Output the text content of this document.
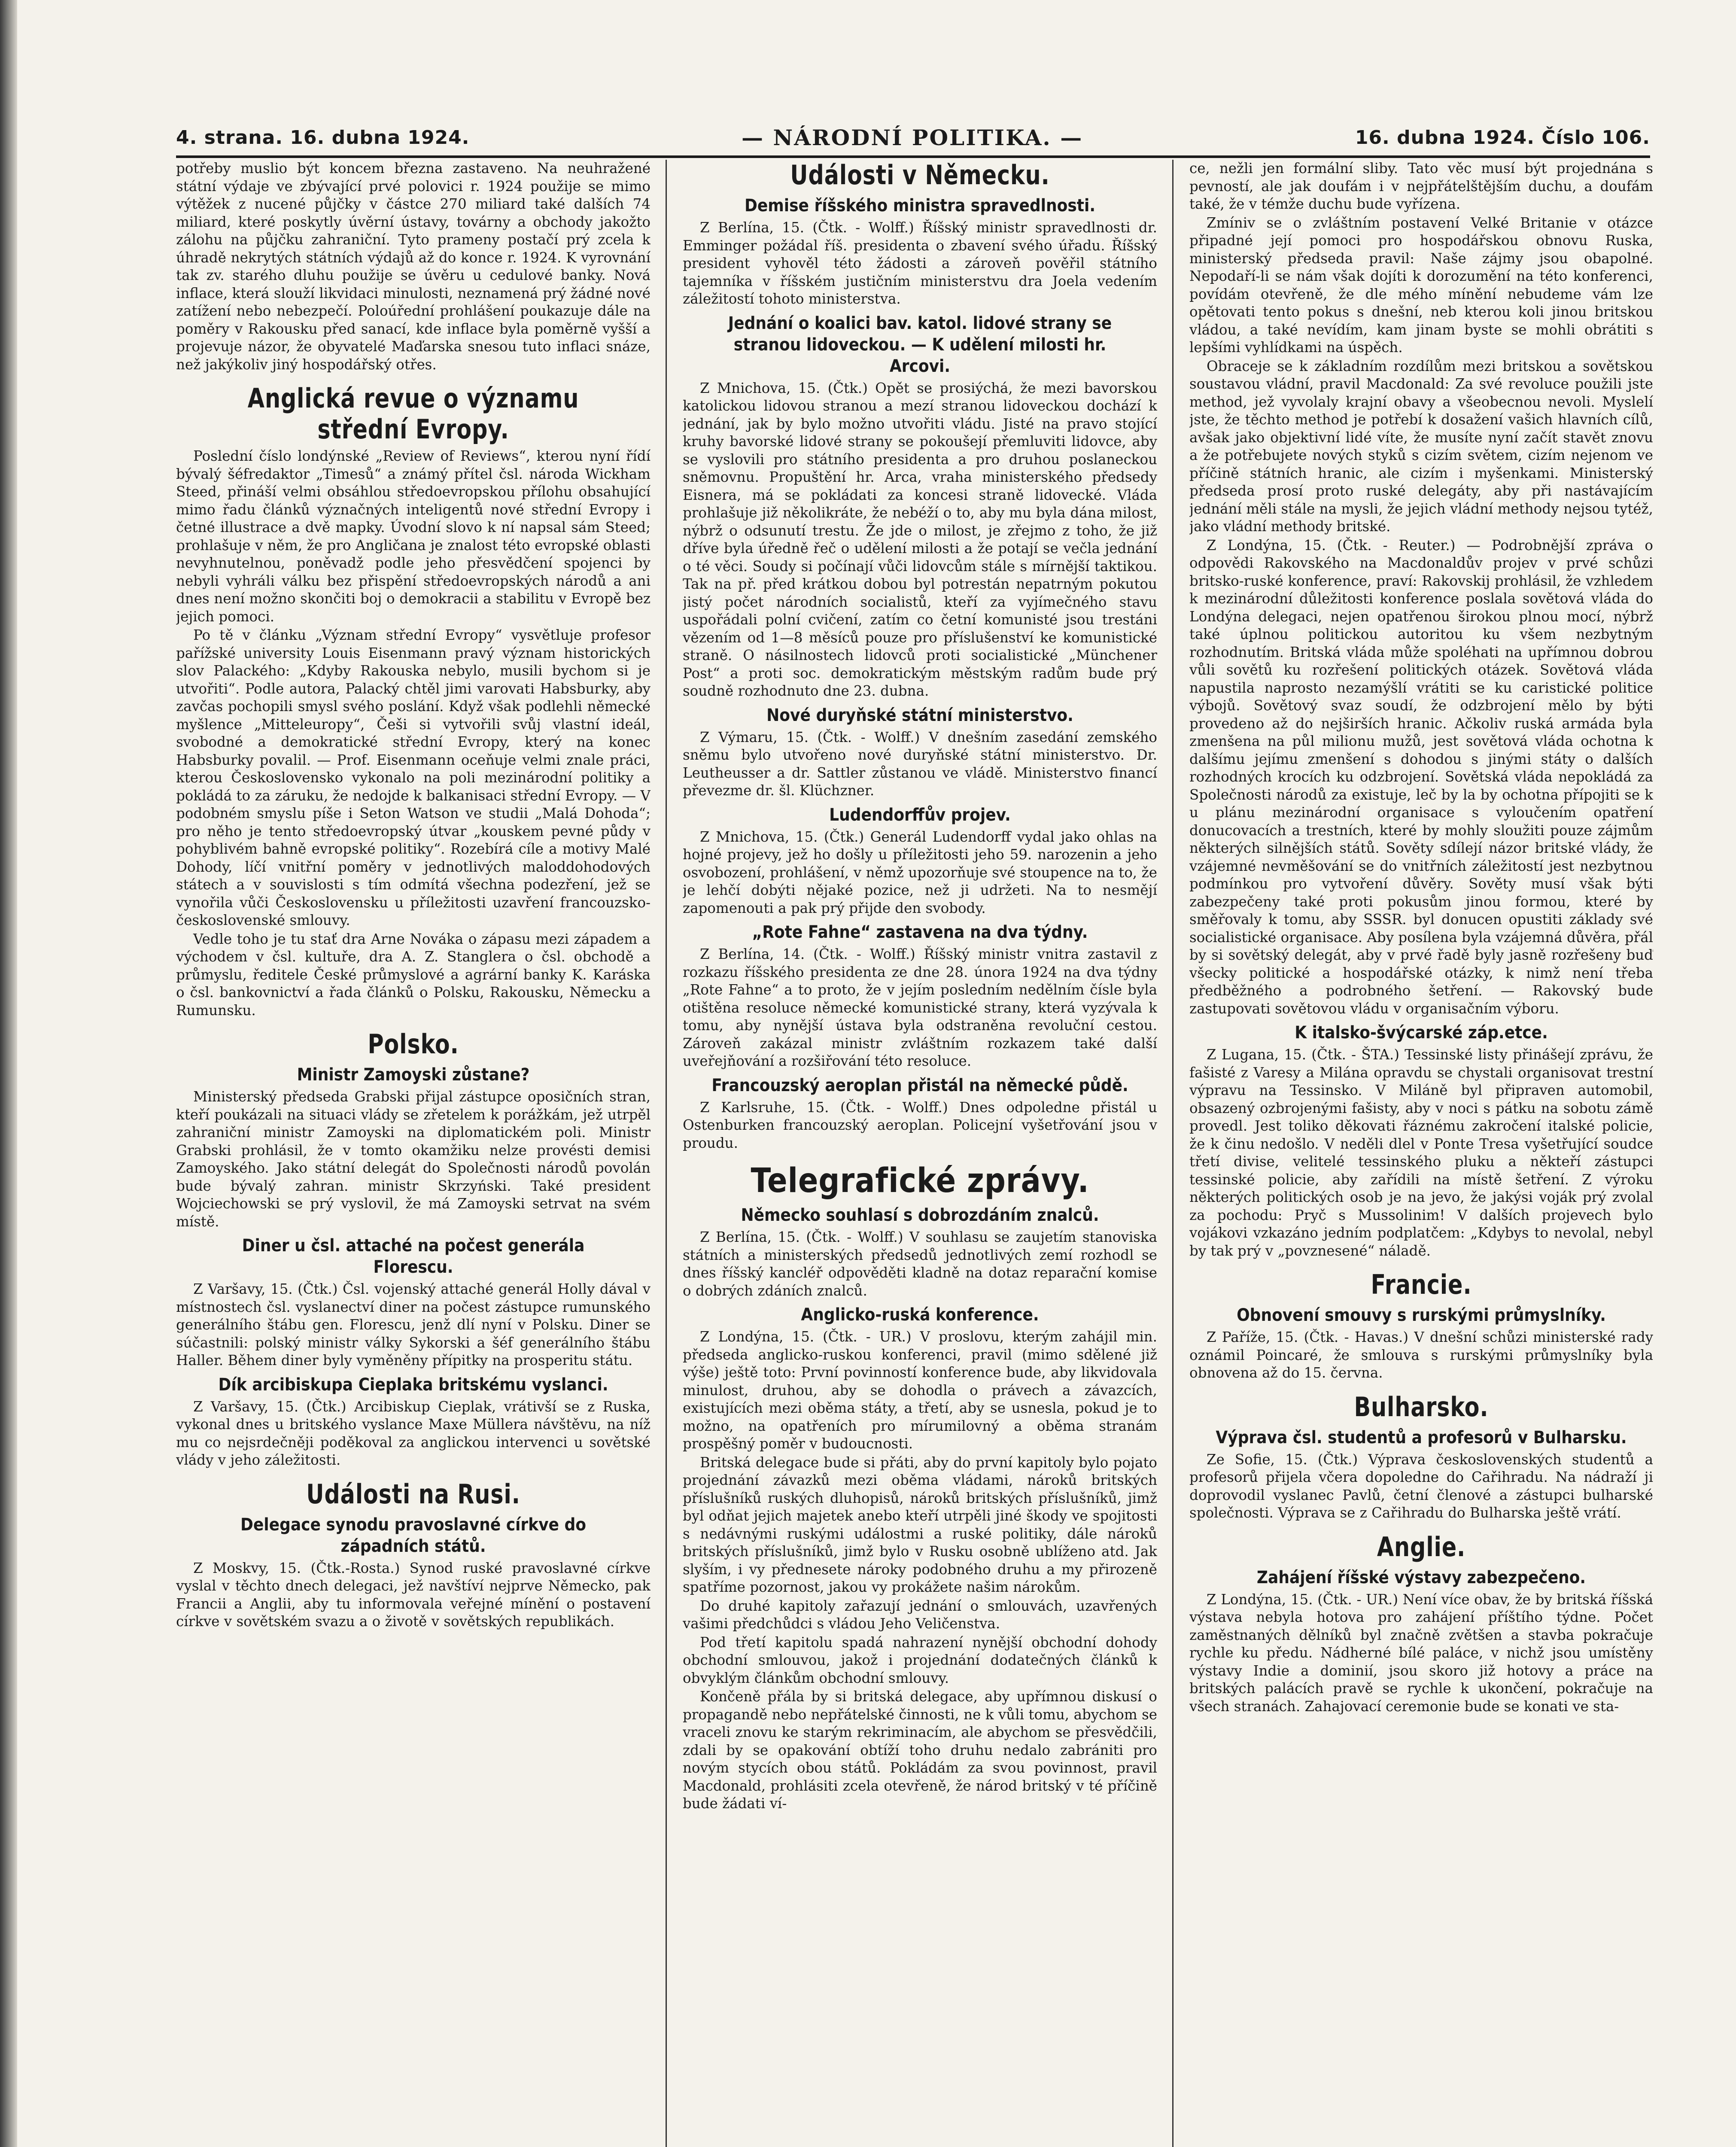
4. strana. 16. dubna 1924.	— NÁRODNÍ POLITIKA. —	16. dubna 1924. Číslo 106.

potřeby muslio být koncem března zastaveno. Na neuhražené státní výdaje ve zbývající prvé polovici r. 1924 použije se mimo výtěžek z nucené půjčky v částce 270 miliard také dalších 74 miliard, které poskytly úvěrní ústavy, továrny a obchody jakožto zálohu na půjčku zahraniční. Tyto prameny postačí prý zcela k úhradě nekrytých státních výdajů až do konce r. 1924. K vyrovnání tak zv. starého dluhu použije se úvěru u cedulové banky. Nová inflace, která slouží likvidaci minulosti, neznamená prý žádné nové zatížení nebo nebezpečí. Poloúřední prohlášení poukazuje dále na poměry v Rakousku před sanací, kde inflace byla poměrně vyšší a projevuje názor, že obyvatelé Maďarska snesou tuto inflaci snáze, než jakýkoliv jiný hospodářský otřes.

Anglická revue o významu střední Evropy.

Poslední číslo londýnské „Review of Reviews“, kterou nyní řídí bývalý šéfredaktor „Timesů“ a známý přítel čsl. národa Wickham Steed, přináší velmi obsáhlou středoevropskou přílohu obsahující mimo řadu článků význačných inteligentů nové střední Evropy i četné illustrace a dvě mapky. Úvodní slovo k ní napsal sám Steed; prohlašuje v něm, že pro Angličana je znalost této evropské oblasti nevyhnutelnou, poněvadž podle jeho přesvědčení spojenci by nebyli vyhráli válku bez přispění středoevropských národů a ani dnes není možno skončiti boj o demokracii a stabilitu v Evropě bez jejich pomoci.

Po tě v článku „Význam střední Evropy“ vysvětluje profesor pařížské university Louis Eisenmann pravý význam historických slov Palackého: „Kdyby Rakouska nebylo, musili bychom si je utvořiti“. Podle autora, Palacký chtěl jimi varovati Habsburky, aby zavčas pochopili smysl svého poslání. Když však podlehli německé myšlence „Mitteleuropy“, Češi si vytvořili svůj vlastní ideál, svobodné a demokratické střední Evropy, který na konec Habsburky povalil. — Prof. Eisenmann oceňuje velmi znale práci, kterou Československo vykonalo na poli mezinárodní politiky a pokládá to za záruku, že nedojde k balkanisaci střední Evropy. — V podobném smyslu píše i Seton Watson ve studii „Malá Dohoda“; pro něho je tento středoevropský útvar „kouskem pevné půdy v pohyblivém bahně evropské politiky“. Rozebírá cíle a motivy Malé Dohody, líčí vnitřní poměry v jednotlivých maloddohodových státech a v souvislosti s tím odmítá všechna podezření, jež se vynořila vůči Československu u příležitosti uzavření francouzsko-československé smlouvy.

Vedle toho je tu stať dra Arne Nováka o zápasu mezi západem a východem v čsl. kultuře, dra A. Z. Stanglera o čsl. obchodě a průmyslu, ředitele České průmyslové a agrární banky K. Karáska o čsl. bankovnictví a řada článků o Polsku, Rakousku, Německu a Rumunsku.

Polsko.
Ministr Zamoyski zůstane?

Ministerský předseda Grabski přijal zástupce oposičních stran, kteří poukázali na situaci vlády se zřetelem k porážkám, jež utrpěl zahraniční ministr Zamoyski na diplomatickém poli. Ministr Grabski prohlásil, že v tomto okamžiku nelze provésti demisi Zamoyského. Jako státní delegát do Společnosti národů povolán bude bývalý zahran. ministr Skrzyński. Také president Wojciechowski se prý vyslovil, že má Zamoyski setrvat na svém místě.

Diner u čsl. attaché na počest generála Florescu.

Z Varšavy, 15. (Čtk.) Čsl. vojenský attaché generál Holly dával v místnostech čsl. vyslanectví diner na počest zástupce rumunského generálního štábu gen. Florescu, jenž dlí nyní v Polsku. Diner se súčastnili: polský ministr války Sykorski a šéf generálního štábu Haller. Během diner byly vyměněny přípitky na prosperitu státu.

Dík arcibiskupa Cieplaka britskému vyslanci.

Z Varšavy, 15. (Čtk.) Arcibiskup Cieplak, vrátivší se z Ruska, vykonal dnes u britského vyslance Maxe Müllera návštěvu, na níž mu co nejsrdečněji poděkoval za anglickou intervenci u sovětské vlády v jeho záležitosti.

Události na Rusi.
Delegace synodu pravoslavné církve do západních států.

Z Moskvy, 15. (Čtk.-Rosta.) Synod ruské pravoslavné církve vyslal v těchto dnech delegaci, jež navštíví nejprve Německo, pak Francii a Anglii, aby tu informovala veřejné mínění o postavení církve v sovětském svazu a o životě v sovětských republikách.

Události v Německu.
Demise říšského ministra spravedlnosti.

Z Berlína, 15. (Čtk. - Wolff.) Říšský ministr spravedlnosti dr. Emminger požádal říš. presidenta o zbavení svého úřadu. Říšský president vyhověl této žádosti a zároveň pověřil státního tajemníka v říšském justičním ministerstvu dra Joela vedením záležitostí tohoto ministerstva.

Jednání o koalici bav. katol. lidové strany se stranou lidoveckou. — K udělení milosti hr. Arcovi.

Z Mnichova, 15. (Čtk.) Opět se prosiýchá, že mezi bavorskou katolickou lidovou stranou a mezí stranou lidoveckou dochází k jednání, jak by bylo možno utvořiti vládu. Jisté na pravo stojící kruhy bavorské lidové strany se pokoušejí přemluviti lidovce, aby se vyslovili pro státního presidenta a pro druhou poslaneckou sněmovnu. Propuštění hr. Arca, vraha ministerského předsedy Eisnera, má se pokládati za koncesi straně lidovecké. Vláda prohlašuje již několikráte, že nebéží o to, aby mu byla dána milost, nýbrž o odsunutí trestu. Že jde o milost, je zřejmo z toho, že již dříve byla úředně řeč o udělení milosti a že potají se večla jednání o té věci. Soudy si počínají vůči lidovcům stále s mírnější taktikou. Tak na př. před krátkou dobou byl potrestán nepatrným pokutou jistý počet národních socialistů, kteří za vyjímečného stavu uspořádali polní cvičení, zatím co četní komunisté jsou trestáni vězením od 1—8 měsíců pouze pro příslušenství ke komunistické straně. O násilnostech lidovců proti socialistické „Münchener Post“ a proti soc. demokratickým městským radům bude prý soudně rozhodnuto dne 23. dubna.

Nové duryňské státní ministerstvo.

Z Výmaru, 15. (Čtk. - Wolff.) V dnešním zasedání zemského sněmu bylo utvořeno nové duryňské státní ministerstvo. Dr. Leutheusser a dr. Sattler zůstanou ve vládě. Ministerstvo financí převezme dr. šl. Klüchzner.

Ludendorffův projev.

Z Mnichova, 15. (Čtk.) Generál Ludendorff vydal jako ohlas na hojné projevy, jež ho došly u příležitosti jeho 59. narozenin a jeho osvobození, prohlášení, v němž upozorňuje své stoupence na to, že je lehčí dobýti nějaké pozice, než ji udržeti. Na to nesmějí zapomenouti a pak prý přijde den svobody.

„Rote Fahne“ zastavena na dva týdny.

Z Berlína, 14. (Čtk. - Wolff.) Říšský ministr vnitra zastavil z rozkazu říšského presidenta ze dne 28. února 1924 na dva týdny „Rote Fahne“ a to proto, že v jejím posledním nedělním čísle byla otištěna resoluce německé komunistické strany, která vyzývala k tomu, aby nynější ústava byla odstraněna revoluční cestou. Zároveň zakázal ministr zvláštním rozkazem také další uveřejňování a rozšiřování této resoluce.

Francouzský aeroplan přistál na německé půdě.

Z Karlsruhe, 15. (Čtk. - Wolff.) Dnes odpoledne přistál u Ostenburken francouzský aeroplan. Policejní vyšetřování jsou v proudu.

Telegrafické zprávy.
Německo souhlasí s dobrozdáním znalců.

Z Berlína, 15. (Čtk. - Wolff.) V souhlasu se zaujetím stanoviska státních a ministerských předsedů jednotlivých zemí rozhodl se dnes říšský kancléř odpověděti kladně na dotaz reparační komise o dobrých zdáních znalců.

Anglicko-ruská konference.

Z Londýna, 15. (Čtk. - UR.) V proslovu, kterým zahájil min. předseda anglicko-ruskou konferenci, pravil (mimo sdělené již výše) ještě toto: První povinností konference bude, aby likvidovala minulost, druhou, aby se dohodla o právech a závazcích, existujících mezi oběma státy, a třetí, aby se usnesla, pokud je to možno, na opatřeních pro mírumilovný a oběma stranám prospěšný poměr v budoucnosti.

Britská delegace bude si přáti, aby do první kapitoly bylo pojato projednání závazků mezi oběma vládami, nároků britských příslušníků ruských dluhopisů, nároků britských příslušníků, jimž byl odňat jejich majetek anebo kteří utrpěli jiné škody ve spojitosti s nedávnými ruskými událostmi a ruské politiky, dále nároků britských příslušníků, jimž bylo v Rusku osobně ublíženo atd. Jak slyším, i vy přednesete nároky podobného druhu a my přirozeně spatříme pozornost, jakou vy prokážete našim nárokům.

Do druhé kapitoly zařazují jednání o smlouvách, uzavřených vašimi předchůdci s vládou Jeho Veličenstva.

Pod třetí kapitolu spadá nahrazení nynější obchodní dohody obchodní smlouvou, jakož i projednání dodatečných článků k obvyklým článkům obchodní smlouvy.

Končeně přála by si britská delegace, aby upřímnou diskusí o propagandě nebo nepřátelské činnosti, ne k vůli tomu, abychom se vraceli znovu ke starým rekriminacím, ale abychom se přesvědčili, zdali by se opakování obtíží toho druhu nedalo zabrániti pro novým stycích obou států. Pokládám za svou povinnost, pravil Macdonald, prohlásiti zcela otevřeně, že národ britský v té příčině bude žádati ví-

ce, nežli jen formální sliby. Tato věc musí být projednána s pevností, ale jak doufám i v nejpřátelštějším duchu, a doufám také, že v témže duchu bude vyřízena.

Zmíniv se o zvláštním postavení Velké Britanie v otázce připadné její pomoci pro hospodářskou obnovu Ruska, ministerský předseda pravil: Naše zájmy jsou obapolné. Nepodaří-li se nám však dojíti k dorozumění na této konferenci, povídám otevřeně, že dle mého mínění nebudeme vám lze opětovati tento pokus s dnešní, neb kterou koli jinou britskou vládou, a také nevídím, kam jinam byste se mohli obrátiti s lepšími vyhlídkami na úspěch.

Obraceje se k základním rozdílům mezi britskou a sovětskou soustavou vládní, pravil Macdonald: Za své revoluce použili jste method, jež vyvolaly krajní obavy a všeobecnou nevoli. Myslelí jste, že těchto method je potřebí k dosažení vašich hlavních cílů, avšak jako objektivní lidé víte, že musíte nyní začít stavět znovu a že potřebujete nových styků s cizím světem, cizím nejenom ve příčině státních hranic, ale cizím i myšenkami. Ministerský předseda prosí proto ruské delegáty, aby při nastávajícím jednání měli stále na mysli, že jejich vládní methody nejsou tytéž, jako vládní methody britské.

Z Londýna, 15. (Čtk. - Reuter.) — Podrobnější zpráva o odpovědi Rakovského na Macdonaldův projev v prvé schůzi britsko-ruské konference, praví: Rakovskij prohlásil, že vzhledem k mezinárodní důležitosti konference poslala sovětová vláda do Londýna delegaci, nejen opatřenou širokou plnou mocí, nýbrž také úplnou politickou autoritou ku všem nezbytným rozhodnutím. Britská vláda může spoléhati na upřímnou dobrou vůli sovětů ku rozřešení politických otázek. Sovětová vláda napustila naprosto nezamýšlí vrátiti se ku caristické politice výbojů. Sovětový svaz soudí, že odzbrojení mělo by býti provedeno až do nejširších hranic. Ačkoliv ruská armáda byla zmenšena na půl milionu mužů, jest sovětová vláda ochotna k dalšímu jejímu zmenšení s dohodou s jinými státy o dalších rozhodných krocích ku odzbrojení. Sovětská vláda nepokládá za Společnosti národů za existuje, leč by la by ochotna přípojiti se k u plánu mezinárodní organisace s vyloučením opatření donucovacích a trestních, které by mohly sloužiti pouze zájmům některých silnějších států. Sověty sdílejí názor britské vlády, že vzájemné nevměšování se do vnitřních záležitostí jest nezbytnou podmínkou pro vytvoření důvěry. Sověty musí však býti zabezpečeny také proti pokusům jinou formou, které by směřovaly k tomu, aby SSSR. byl donucen opustiti základy své socialistické organisace. Aby posílena byla vzájemná důvěra, přál by si sovětský delegát, aby v prvé řadě byly jasně rozřešeny buď všecky politické a hospodářské otázky, k nimž není třeba předběžného a podrobného šetření. — Rakovský bude zastupovati sovětovou vládu v organisačním výboru.

K italsko-švýcarské záp.etce.

Z Lugana, 15. (Čtk. - ŠTA.) Tessinské listy přinášejí zprávu, že fašisté z Varesy a Milána opravdu se chystali organisovat trestní výpravu na Tessinsko. V Miláně byl připraven automobil, obsazený ozbrojenými fašisty, aby v noci s pátku na sobotu zámě provedl. Jest toliko děkovati řáznému zakročení italské policie, že k činu nedošlo. V neděli dlel v Ponte Tresa vyšetřující soudce třetí divise, velitelé tessinského pluku a někteří zástupci tessinské policie, aby zařídili na místě šetření. Z výroku některých politických osob je na jevo, že jakýsi voják prý zvolal za pochodu: Pryč s Mussolinim! V dalších projevech bylo vojákovi vzkazáno jedním podplatčem: „Kdybys to nevolal, nebyl by tak prý v „povznesené“ náladě.

Francie.
Obnovení smouvy s rurskými průmyslníky.

Z Paříže, 15. (Čtk. - Havas.) V dnešní schůzi ministerské rady oznámil Poincaré, že smlouva s rurskými průmyslníky byla obnovena až do 15. června.

Bulharsko.
Výprava čsl. studentů a profesorů v Bulharsku.

Ze Sofie, 15. (Čtk.) Výprava československých studentů a profesorů přijela včera dopoledne do Cařihradu. Na nádraží ji doprovodil vyslanec Pavlů, četní členové a zástupci bulharské společnosti. Výprava se z Cařihradu do Bulharska ještě vrátí.

Anglie.
Zahájení říšské výstavy zabezpečeno.

Z Londýna, 15. (Čtk. - UR.) Není více obav, že by britská říšská výstava nebyla hotova pro zahájení příštího týdne. Počet zaměstnaných dělníků byl značně zvětšen a stavba pokračuje rychle ku předu. Nádherné bílé paláce, v nichž jsou umístěny výstavy Indie a dominií, jsou skoro již hotovy a práce na britských palácích pravě se rychle k ukončení, pokračuje na všech stranách. Zahajovací ceremonie bude se konati ve sta-
